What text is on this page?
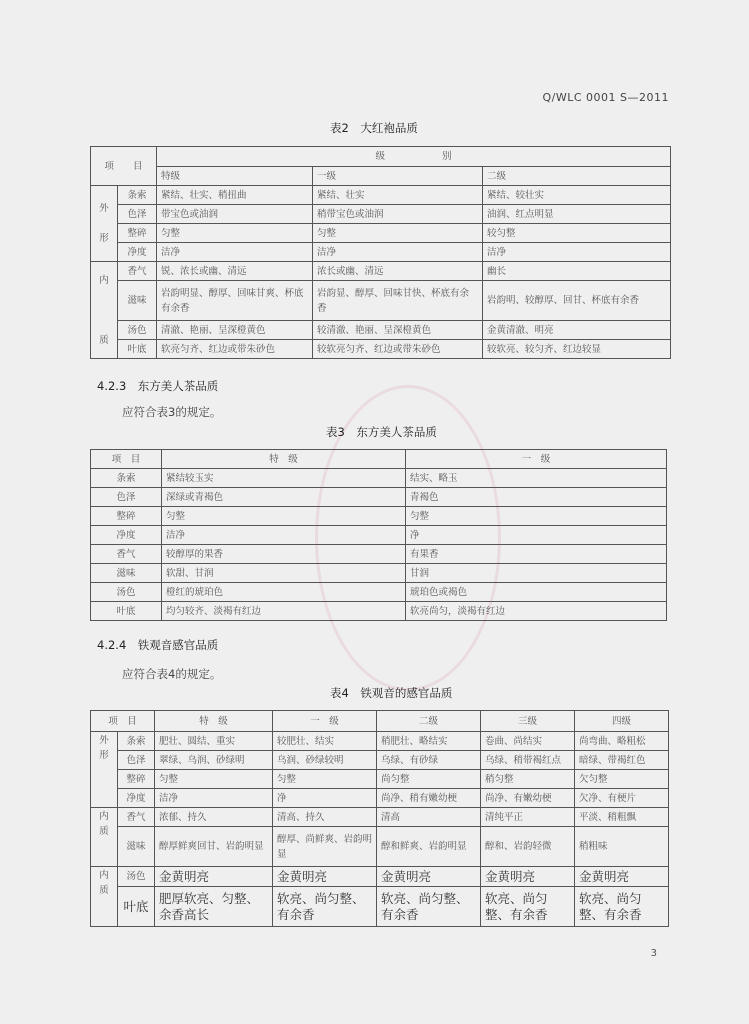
Q/WLC 0001 S—2011
表2　大红袍品质
项　　目		级　　　　　　别		
		特级	一级	二级
外

形	条索	紧结、壮实、稍扭曲	紧结、壮实	紧结、较壮实
	色泽	带宝色或油润	稍带宝色或油润	油润、红点明显
	整碎	匀整	匀整	较匀整
	净度	洁净	洁净	洁净
内

质	香气	锐、浓长或幽、清远	浓长或幽、清远	幽长
	滋味	岩韵明显、醇厚、回味甘爽、杯底有余香	岩韵显、醇厚、回味甘快、杯底有余香	岩韵明、较醇厚、回甘、杯底有余香
	汤色	清澈、艳丽、呈深橙黄色	较清澈、艳丽、呈深橙黄色	金黄清澈、明亮
	叶底	软亮匀齐、红边或带朱砂色	较软亮匀齐、红边或带朱砂色	较软亮、较匀齐、红边较显
4.2.3　东方美人茶品质
应符合表3的规定。
表3　东方美人茶品质
项　目	特　级	一　级
条索	紧结较玉实	结实、略玉
色泽	深绿或青褐色	青褐色
整碎	匀整	匀整
净度	洁净	净
香气	较醇厚的果香	有果香
滋味	软甜、甘润	甘润
汤色	橙红的琥珀色	琥珀色或褐色
叶底	均匀较齐、淡褐有红边	软亮尚匀，淡褐有红边
4.2.4　铁观音感官品质
应符合表4的规定。
表4　铁观音的感官品质
项　目		特　级	一　级	二级	三级	四级
外
形	条索	肥壮、圆结、重实	较肥壮、结实	稍肥壮、略结实	卷曲、尚结实	尚弯曲、略粗松
	色泽	翠绿、乌润、砂绿明	乌润、砂绿较明	乌绿、有砂绿	乌绿、稍带褐红点	暗绿、带褐红色
	整碎	匀整	匀整	尚匀整	稍匀整	欠匀整
	净度	洁净	净	尚净、稍有嫩幼梗	尚净、有嫩幼梗	欠净、有梗片
内
质	香气	浓郁、持久	清高、持久	清高	清纯平正	平淡、稍粗飘
	滋味	醇厚鲜爽回甘、岩韵明显	醇厚、尚鲜爽、岩韵明显	醇和鲜爽、岩韵明显	醇和、岩韵轻微	稍粗味
内
质	汤色	金黄明亮	金黄明亮	金黄明亮	金黄明亮	金黄明亮
	叶底	肥厚软亮、匀整、余香高长	软亮、尚匀整、有余香	软亮、尚匀整、有余香	软亮、尚匀整、有余香	软亮、尚匀整、有余香
3
